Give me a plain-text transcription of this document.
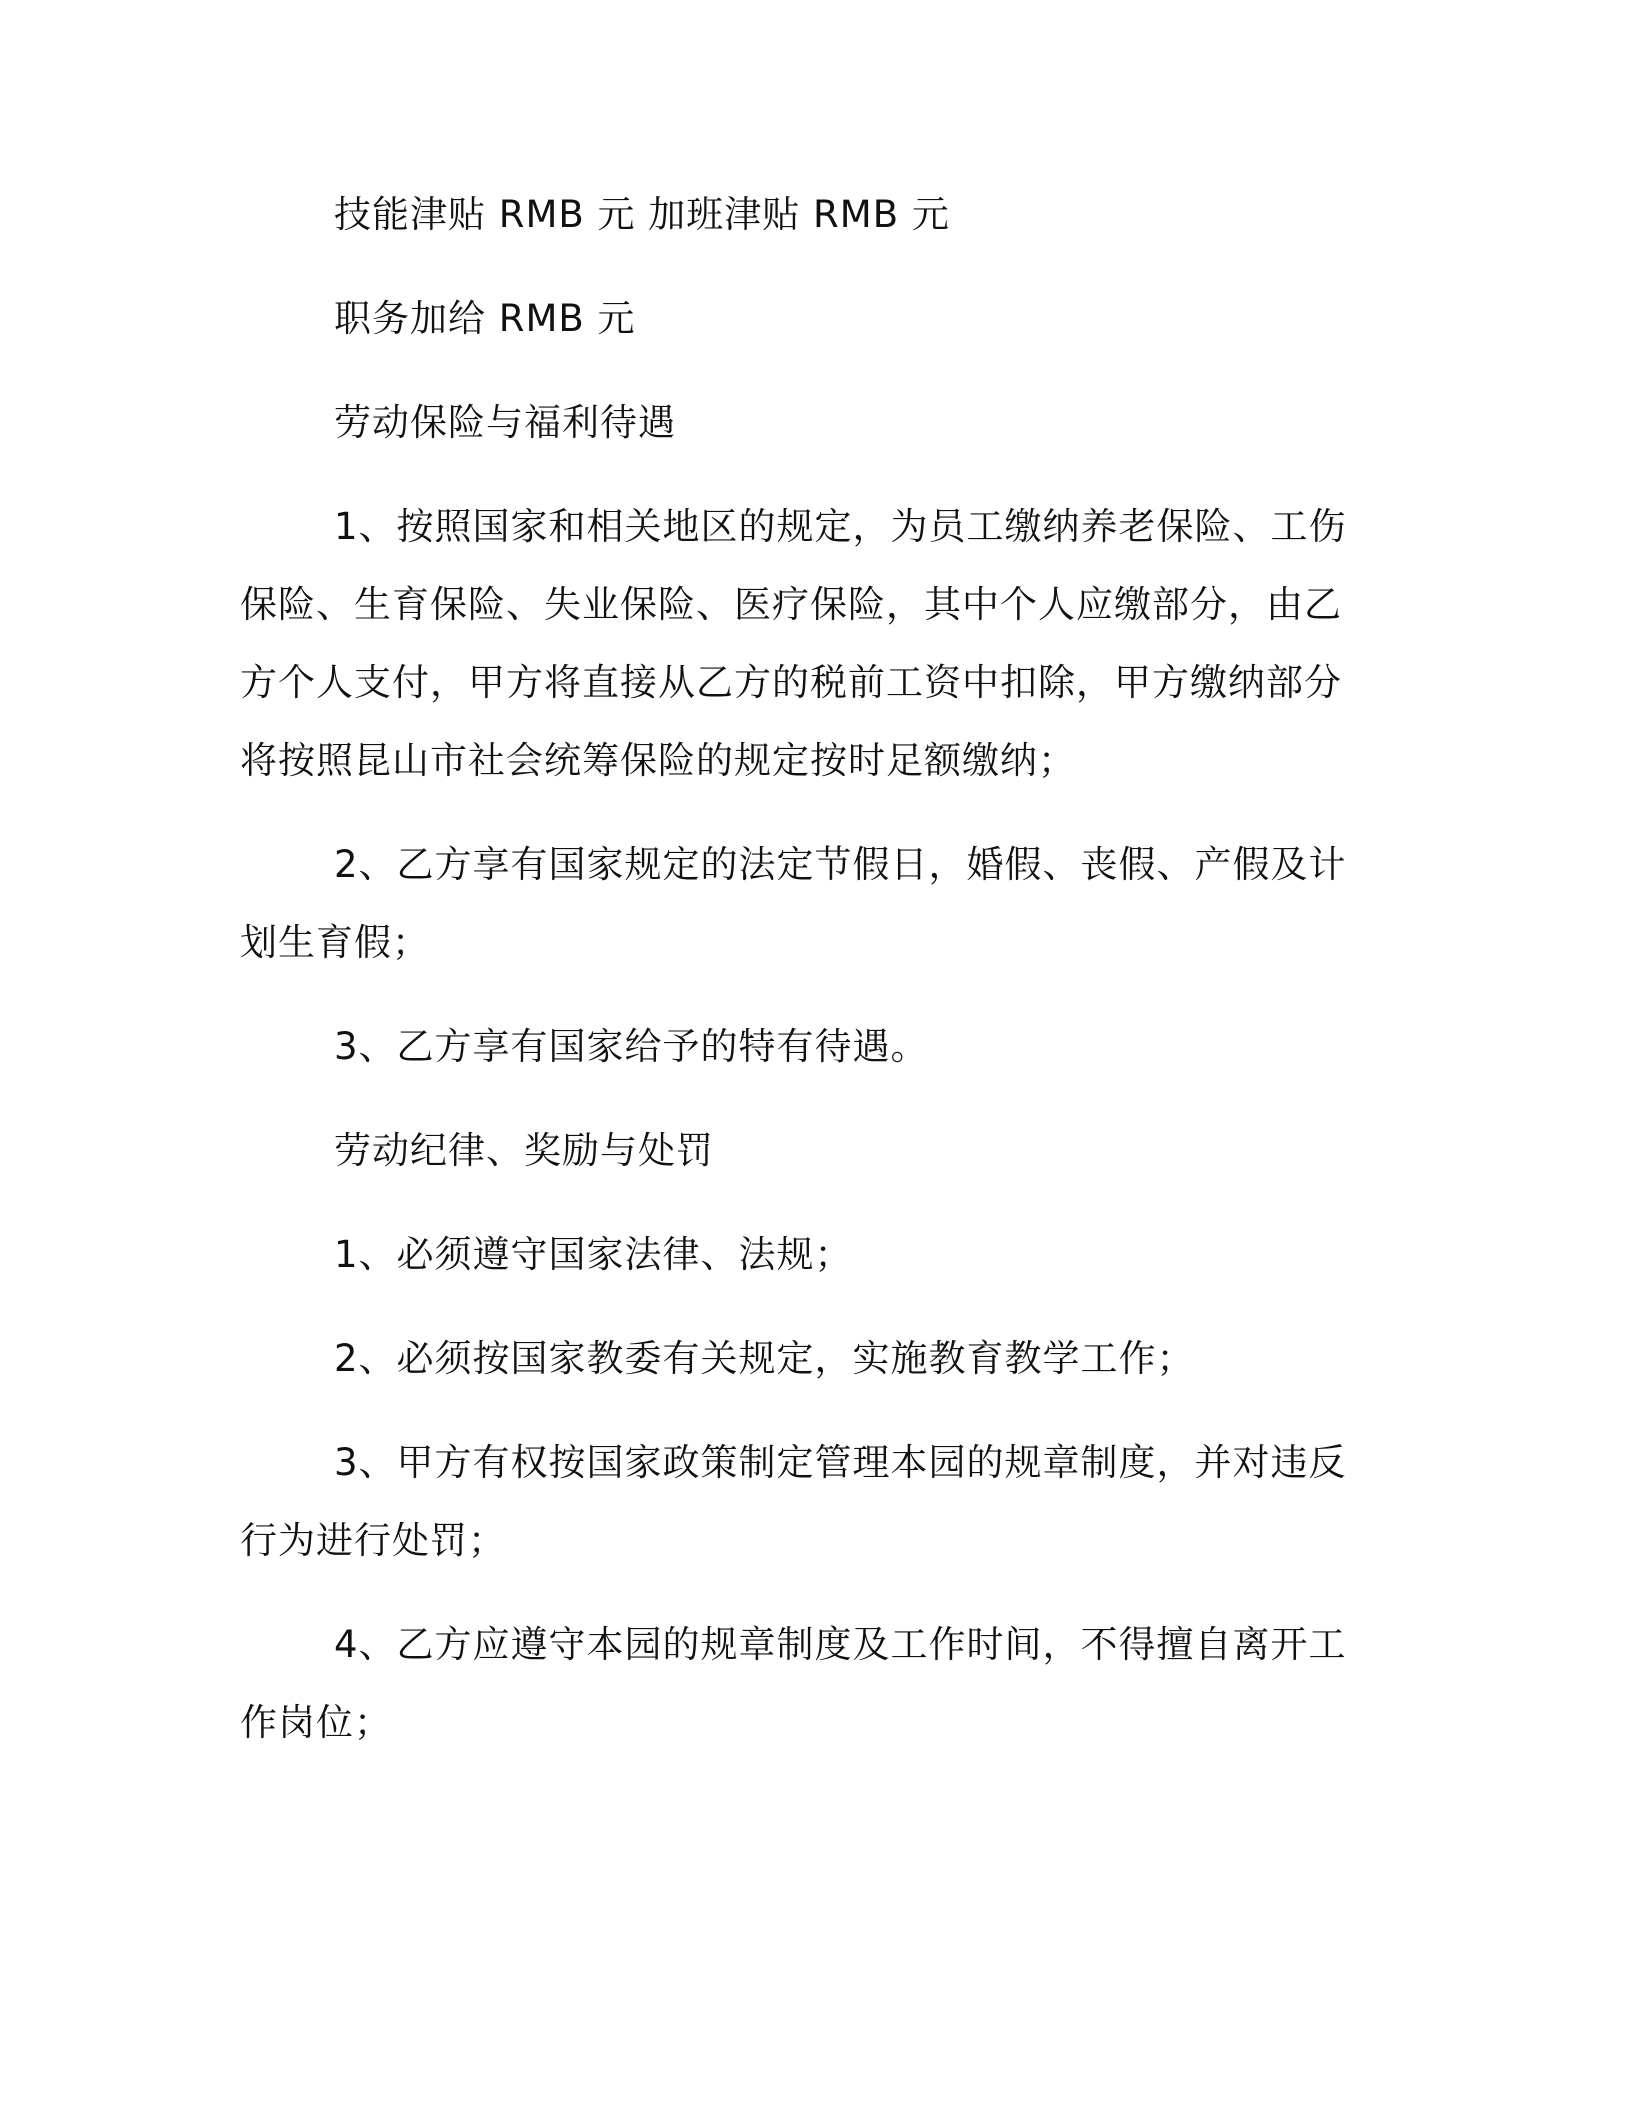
技能津贴 RMB 元 加班津贴 RMB 元

职务加给 RMB 元

劳动保险与福利待遇

1、按照国家和相关地区的规定，为员工缴纳养老保险、工伤保险、生育保险、失业保险、医疗保险，其中个人应缴部分，由乙方个人支付，甲方将直接从乙方的税前工资中扣除，甲方缴纳部分将按照昆山市社会统筹保险的规定按时足额缴纳；

2、乙方享有国家规定的法定节假日，婚假、丧假、产假及计划生育假；

3、乙方享有国家给予的特有待遇。

劳动纪律、奖励与处罚

1、必须遵守国家法律、法规；

2、必须按国家教委有关规定，实施教育教学工作；

3、甲方有权按国家政策制定管理本园的规章制度，并对违反行为进行处罚；

4、乙方应遵守本园的规章制度及工作时间，不得擅自离开工作岗位；
